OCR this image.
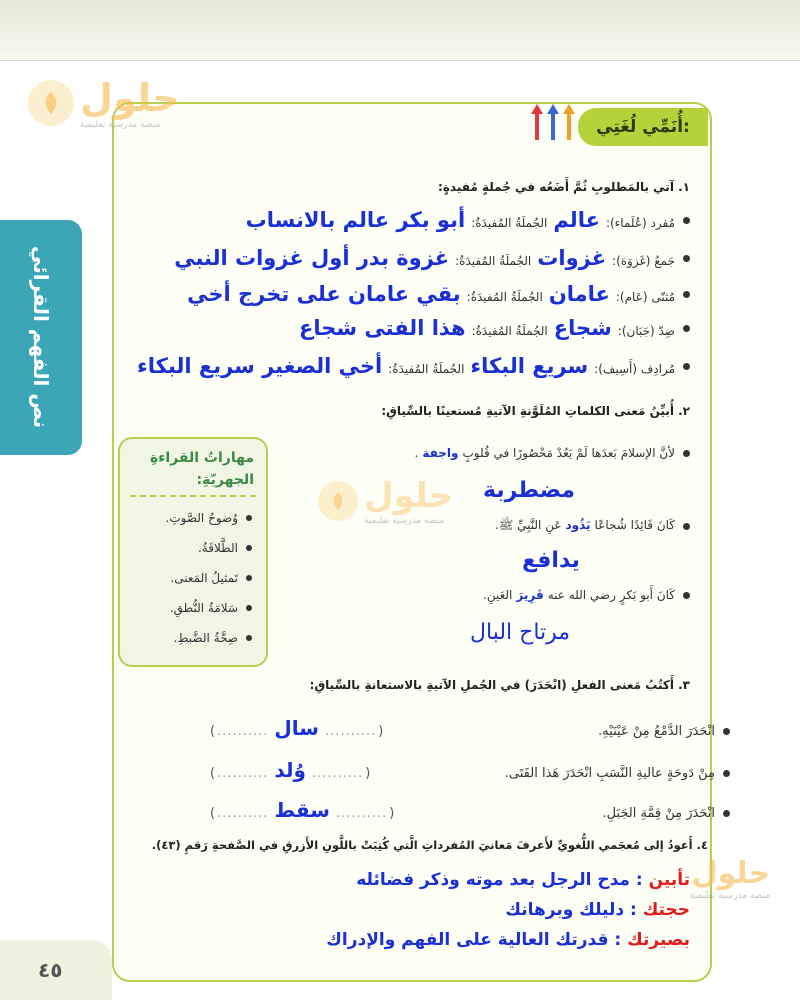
حلول
منصة مدرسية تعليمية
حلول
منصة مدرسية تعليمية
حلول
منصة مدرسية تعليمية
نص الفهم القرائي
أُنَمِّي لُغَتِي:
١. آتي بالمَطلوبِ ثُمَّ أَضَعُه في جُملةٍ مُفيدةٍ:
مُفرد (عُلَماء):
عالم
الجُملَةُ المُفيدَةُ:
أبو بكر عالم بالانساب
جَمعُ (غَزوَة):
غزوات
الجُملَةُ المُفيدَةُ:
غزوة بدر أول غزوات النبي
مُثنّى (عَام):
عامان
الجُملَةُ المُفيدَةُ:
بقي عامان على تخرج أخي
ضِدّ (جَبَان):
شجاع
الجُملَةُ المُفيدَةُ:
هذا الفتى شجاع
مُرادِف (أَسِيف):
سريع البكاء
الجُملَةُ المُفيدَةُ:
أخي الصغير سريع البكاء
٢. أُبيِّنُ مَعنى الكلماتِ المُلَوَّنةِ الآتيةِ مُستعينًا بالسِّياقِ:
لأنَّ الإسلامَ بَعدَها لَمْ يَعُدْ مَحْصُورًا في قُلوبٍ
واجفة
.
مضطربة
كَانَ قَائِدًا شُجاعًا
يَذُود
عَنِ النَّبِيِّ ﷺ.
يدافع
كَانَ أَبو بَكرٍ رضي الله عنه
قَرِيرَ
العَينِ.
مرتاح البال
مهاراتُ القراءةِ الجهريّةِ:
وُضوحُ الصَّوتِ.
الطَّلاقَةُ.
تَمثيلُ المَعنى.
سَلامَةُ النُّطقِ.
صِحَّةُ الضَّبطِ.
٣. أَكتُبُ مَعنى الفعلِ (انْحَدَرَ) في الجُملِ الآتيةِ بالاستعانةِ بالسِّياقِ:
انْحَدَرَ الدَّمْعُ مِنْ عَيْنَيْهِ.
( .......... سال .......... )
مِنْ دَوحَةٍ عاليةِ النَّسَبِ انْحَدَرَ هَذا الفَتَى.
( .......... وُلد .......... )
انْحَدَرَ مِنْ قِمَّةِ الجَبَلِ.
( .......... سقط .......... )
٤. أَعودُ إلى مُعجَمي اللُّغويِّ لأَعرفَ مَعانيَ المُفرداتِ الَّتي كُتِبَتْ باللَّونِ الأَزرقِ في الصَّفحةِ رَقمِ (٤٣).
تأبين : مدح الرجل بعد موته وذكر فضائله
حجتك : دليلك وبرهانك
بصيرتك : قدرتك العالية على الفهم والإدراك
٤٥
